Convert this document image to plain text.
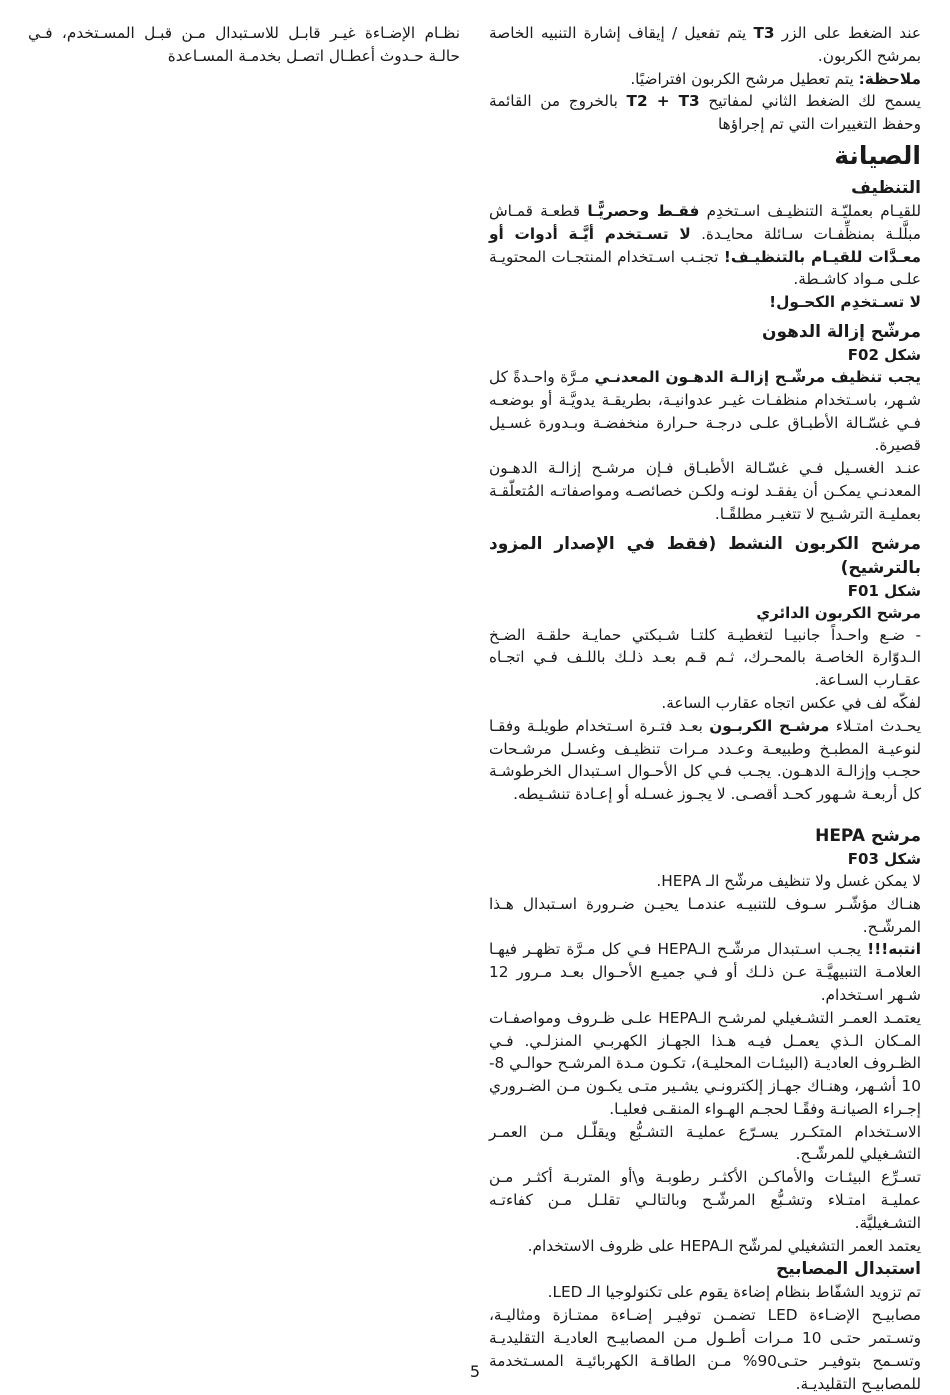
عند الضغط على الزر T3 يتم تفعيل / إيقاف إشارة التنبيه الخاصة بمرشح الكربون.

ملاحظة: يتم تعطيل مرشح الكربون افتراضيًا.

يسمح لك الضغط الثاني لمفاتيح T2 + T3 بالخروج من القائمة وحفظ التغييرات التي تم إجراؤها

الصيانة
التنظيف

للقيـام بعمليّـة التنظيـف اسـتخدِم فقـط وحصريًّـا قطعـة قمـاش مبلَّلـة بمنظِّفـات سـائلة محايـدة. لا تسـتخدم أيَّـة أدوات أو معـدَّات للقيـام بالتنظيـف! تجنـب اسـتخدام المنتجـات المحتويـة علـى مـواد كاشـطة.

لا تسـتخدِم الكحـول!

مرشّح إزالة الدهون
شكل F02

يجب تنظيف مرشّـح إزالـة الدهـون المعدنـي مـرَّة واحـدةً كل شـهر، باسـتخدام منظفـات غيـر عدوانيـة، بطريقـة يدويَّـة أو بوضعـه فـي غسّـالة الأطبـاق علـى درجـة حـرارة منخفضـة وبـدورة غسـيل قصيرة.

عنـد الغسـيل فـي غسّـالة الأطبـاق فـإن مرشـح إزالـة الدهـون المعدنـي يمكـن أن يفقـد لونـه ولكـن خصائصـه ومواصفاتـه المُتعلّقـة بعمليـة الترشـيح لا تتغيـر مطلقًـا.

مرشح الكربون النشط (فقط في الإصدار المزود بالترشيح)
شكل F01
مرشح الكربون الدائري

- ضـع واحـداً جانبيـا لتغطيـة كلتـا شـبكتي حمايـة حلقـة الضـخ الـدوّارة الخاصـة بالمحـرك، ثـم قـم بعـد ذلـك باللـف فـي اتجـاه عقـارب السـاعة.

لفكّه لف في عكس اتجاه عقارب الساعة.

يحـدث امتـلاء مرشـح الكربـون بعـد فتـرة اسـتخدام طويلـة وفقـا لنوعيـة المطبـخ وطبيعـة وعـدد مـرات تنظيـف وغسـل مرشـحات حجـب وإزالـة الدهـون. يجـب فـي كل الأحـوال اسـتبدال الخرطوشـة كل أربعـة شـهور كحـد أقصـى. لا يجـوز غسـله أو إعـادة تنشـيطه.

مرشح HEPA
شكل F03

لا يمكن غسل ولا تنظيف مرشّح الـ HEPA.

هنـاك مؤشّـر سـوف للتنبيـه عندمـا يحيـن ضـرورة اسـتبدال هـذا المرشّـح.

انتبه!!! يجـب اسـتبدال مرشّـح الـHEPA فـي كل مـرَّة تظهـر فيهـا العلامـة التنبيهيَّـة عـن ذلـك أو فـي جميـع الأحـوال بعـد مـرور 12 شـهر اسـتخدام.

يعتمـد العمـر التشـغيلي لمرشـح الـHEPA علـى ظـروف ومواصفـات المـكان الـذي يعمـل فيـه هـذا الجهـاز الكهربـي المنزلـي. فـي الظـروف العاديـة (البيئـات المحليـة)، تكـون مـدة المرشـح حوالـي 8-10 أشـهر، وهنـاك جهـاز إلكترونـي يشـير متـى يكـون مـن الضـروري إجـراء الصيانـة وفقًـا لحجـم الهـواء المنقـى فعليـا.

الاسـتخدام المتكـرر يسـرّع عمليـة التشـبُّع ويقلّـل مـن العمـر التشـغيلي للمرشّـح.

تسـرِّع البيئـات والأماكـن الأكثـر رطوبـة و\أو المتربـة أكثـر مـن عمليـة امتـلاء وتشـبُّع المرشّـح وبالتالـي تقلـل مـن كفاءتـه التشـغيليَّة.

يعتمد العمر التشغيلي لمرشّح الـHEPA على ظروف الاستخدام.

استبدال المصابيح

تم تزويد الشفّاط بنظام إضاءة يقوم على تكنولوجيا الـ LED.

مصابيـح الإضـاءة LED تضمـن توفيـر إضـاءة ممتـازة ومثاليـة، وتسـتمر حتـى 10 مـرات أطـول مـن المصابيـح العاديـة التقليديـة وتسـمح بتوفيـر حتـى90% مـن الطاقـة الكهربائيـة المسـتخدمة للمصابيـح التقليديـة.

نظـام الإضـاءة غيـر قابـل للاسـتبدال مـن قبـل المسـتخدم، فـي حالـة حـدوث أعطـال اتصـل بخدمـة المسـاعدة

5
